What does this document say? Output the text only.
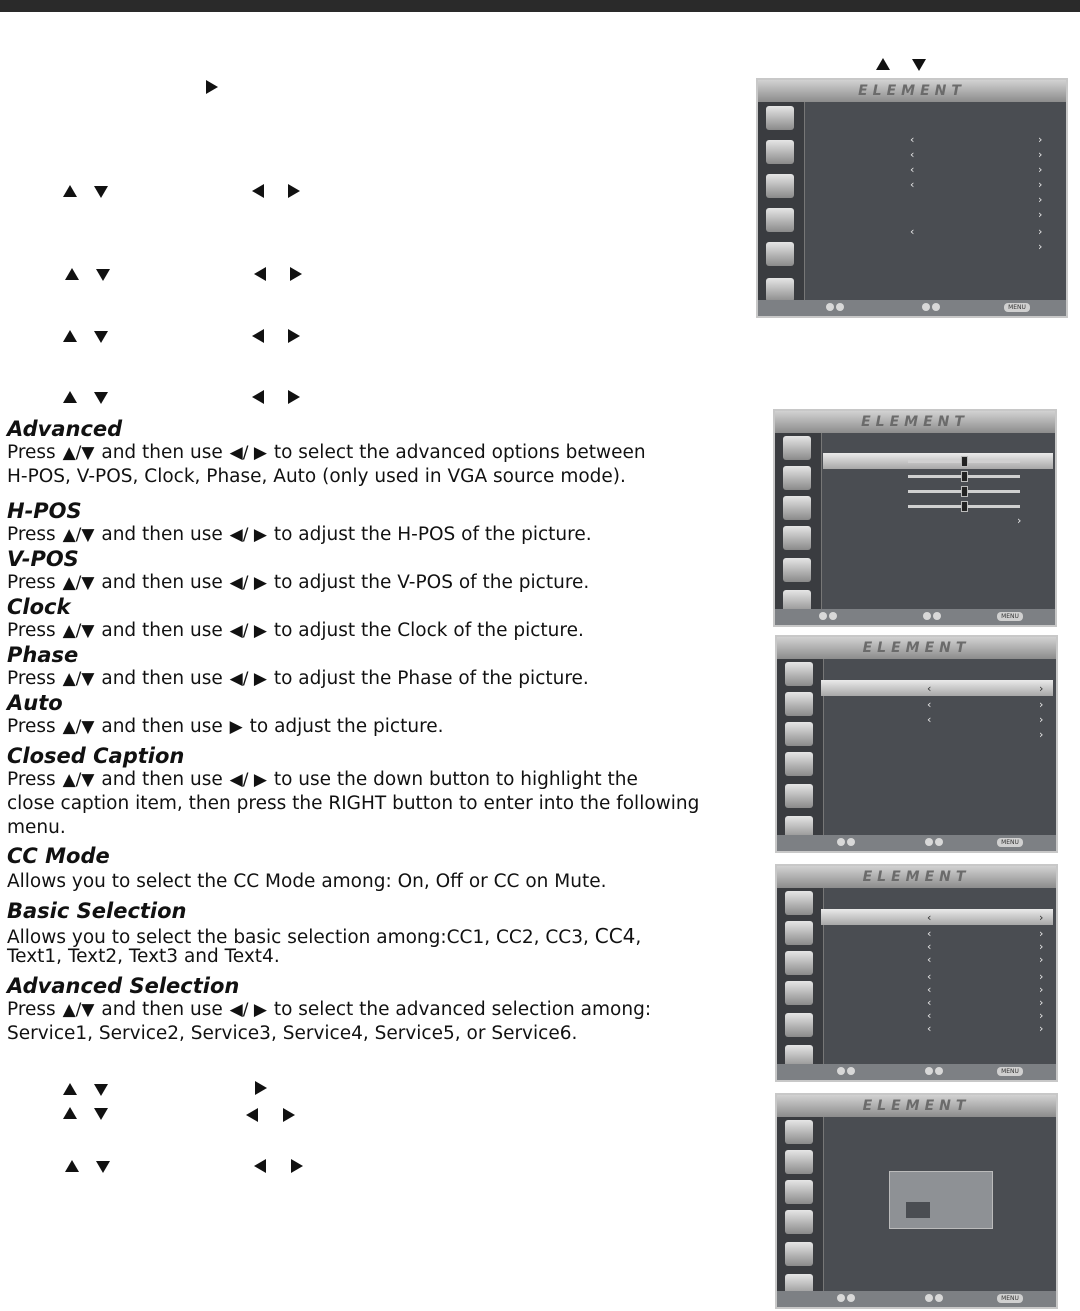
Advanced
Press ▲/▼ and then use ◀/ ▶ to select the advanced options between
H-POS, V-POS, Clock, Phase, Auto (only used in VGA source mode).
H-POS
Press ▲/▼ and then use ◀/ ▶ to adjust the H-POS of the picture.
V-POS
Press ▲/▼ and then use ◀/ ▶ to adjust the V-POS of the picture.
Clock
Press ▲/▼ and then use ◀/ ▶ to adjust the Clock of the picture.
Phase
Press ▲/▼ and then use ◀/ ▶ to adjust the Phase of the picture.
Auto
Press ▲/▼ and then use ▶ to adjust the picture.
Closed Caption
Press ▲/▼ and then use ◀/ ▶ to use the down button to highlight the
close caption item, then press the RIGHT button to enter into the following
menu.
CC Mode
Allows you to select the CC Mode among: On, Off or CC on Mute.
Basic Selection
Allows you to select the basic selection among:CC1, CC2, CC3, CC4,
Text1, Text2, Text3 and Text4.
Advanced Selection
Press ▲/▼ and then use ◀/ ▶ to select the advanced selection among:
Service1, Service2, Service3, Service4, Service5, or Service6.
ELEMENT
‹	›
‹	›
‹	›
‹	›
›
›
‹	›
›
MENU
ELEMENT
›
MENU
ELEMENT
‹	›
‹	›
‹	›
›
MENU
ELEMENT
‹	›
‹	›
‹	›
‹	›
‹	›
‹	›
‹	›
‹	›
‹	›
MENU
ELEMENT
MENU
